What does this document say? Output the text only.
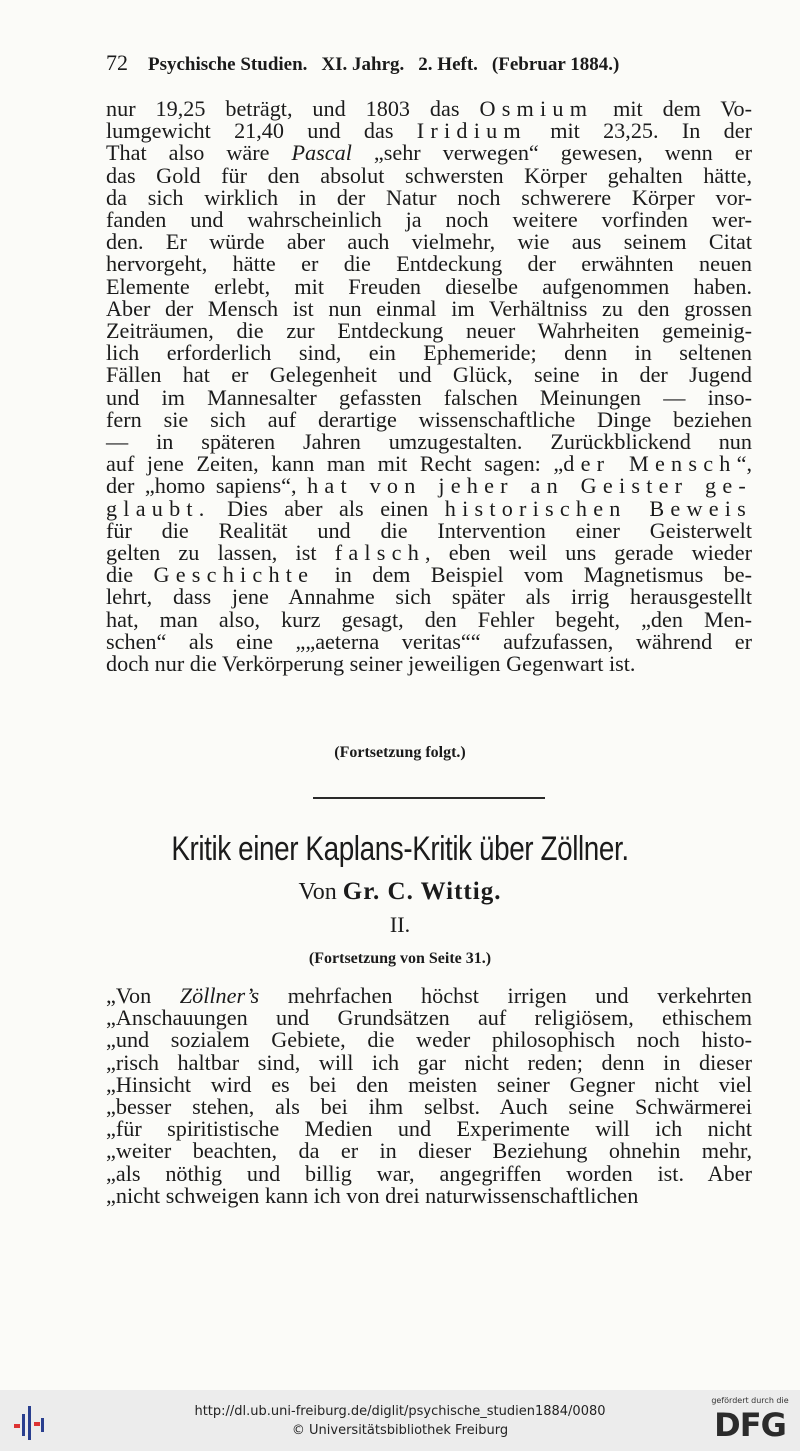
72 Psychische Studien. XI. Jahrg. 2. Heft. (Februar 1884.)
nur 19,25 beträgt, und 1803 das Osmium mit dem Vo-
lumgewicht 21,40 und das Iridium mit 23,25. In der
That also wäre Pascal „sehr verwegen“ gewesen, wenn er
das Gold für den absolut schwersten Körper gehalten hätte,
da sich wirklich in der Natur noch schwerere Körper vor-
fanden und wahrscheinlich ja noch weitere vorfinden wer-
den. Er würde aber auch vielmehr, wie aus seinem Citat
hervorgeht, hätte er die Entdeckung der erwähnten neuen
Elemente erlebt, mit Freuden dieselbe aufgenommen haben.
Aber der Mensch ist nun einmal im Verhältniss zu den grossen
Zeiträumen, die zur Entdeckung neuer Wahrheiten gemeinig-
lich erforderlich sind, ein Ephemeride; denn in seltenen
Fällen hat er Gelegenheit und Glück, seine in der Jugend
und im Mannesalter gefassten falschen Meinungen — inso-
fern sie sich auf derartige wissenschaftliche Dinge beziehen
— in späteren Jahren umzugestalten. Zurückblickend nun
auf jene Zeiten, kann man mit Recht sagen: „der Mensch“,
der „homo sapiens“, hat von jeher an Geister ge-
glaubt. Dies aber als einen historischen Beweis
für die Realität und die Intervention einer Geisterwelt
gelten zu lassen, ist falsch, eben weil uns gerade wieder
die Geschichte in dem Beispiel vom Magnetismus be-
lehrt, dass jene Annahme sich später als irrig herausgestellt
hat, man also, kurz gesagt, den Fehler begeht, „den Men-
schen“ als eine „„aeterna veritas““ aufzufassen, während er
doch nur die Verkörperung seiner jeweiligen Gegenwart ist.
(Fortsetzung folgt.)
Kritik einer Kaplans-Kritik über Zöllner.
Von Gr. C. Wittig.
II.
(Fortsetzung von Seite 31.)
„Von Zöllner’s mehrfachen höchst irrigen und verkehrten
„Anschauungen und Grundsätzen auf religiösem, ethischem
„und sozialem Gebiete, die weder philosophisch noch histo-
„risch haltbar sind, will ich gar nicht reden; denn in dieser
„Hinsicht wird es bei den meisten seiner Gegner nicht viel
„besser stehen, als bei ihm selbst. Auch seine Schwärmerei
„für spiritistische Medien und Experimente will ich nicht
„weiter beachten, da er in dieser Beziehung ohnehin mehr,
„als nöthig und billig war, angegriffen worden ist. Aber
„nicht schweigen kann ich von drei naturwissenschaftlichen
http://dl.ub.uni-freiburg.de/diglit/psychische_studien1884/0080
© Universitätsbibliothek Freiburg
gefördert durch die
DFG
